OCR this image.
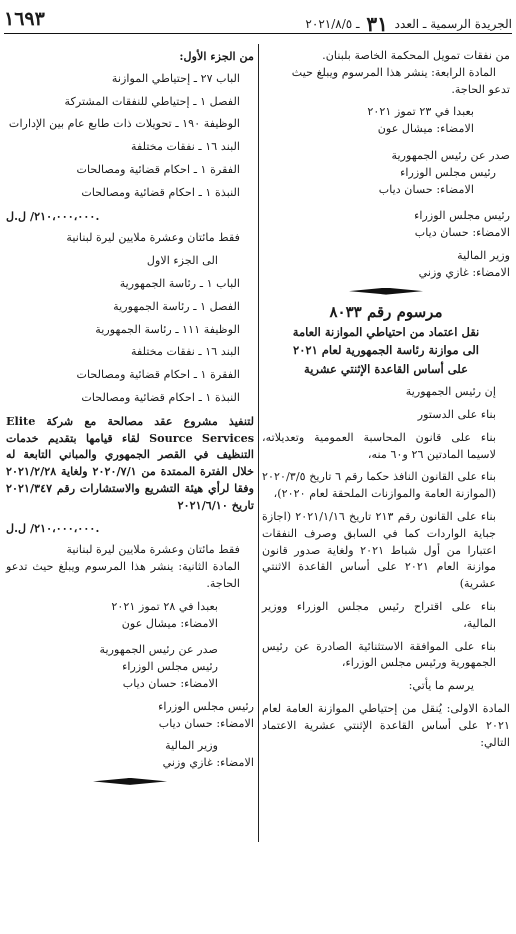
الجريدة الرسمية ـ العدد ٣١ ـ ٢٠٢١/٨/٥
١٦٩٣
من نفقات تمويل المحكمة الخاصة بلبنان.
المادة الرابعة: ينشر هذا المرسوم ويبلغ حيث
تدعو الحاجة.
بعبدا في ٢٣ تموز ٢٠٢١
الامضاء: ميشال عون
صدر عن رئيس الجمهورية
رئيس مجلس الوزراء
الامضاء: حسان دياب
رئيس مجلس الوزراء
الامضاء: حسان دياب
وزير المالية
الامضاء: غازي وزني
مرسوم رقم ٨٠٣٣
نقل اعتماد من احتياطي الموازنة العامة
الى موازنة رئاسة الجمهورية لعام ٢٠٢١
على أساس القاعدة الإثنتي عشرية
إن رئيس الجمهورية
بناء على الدستور
بناء على قانون المحاسبة العمومية وتعديلاته، لاسيما المادتين ٢٦ و٦٠ منه،
بناء على القانون النافذ حكما رقم ٦ تاريخ ٢٠٢٠/٣/٥ (الموازنة العامة والموازنات الملحقة لعام ٢٠٢٠)،
بناء على القانون رقم ٢١٣ تاريخ ٢٠٢١/١/١٦ (اجازة جباية الواردات كما في السابق وصرف النفقات اعتبارا من أول شباط ٢٠٢١ ولغاية صدور قانون موازنة العام ٢٠٢١ على أساس القاعدة الاثنتي عشرية)
بناء على اقتراح رئيس مجلس الوزراء ووزير المالية،
بناء على الموافقة الاستثنائية الصادرة عن رئيس الجمهورية ورئيس مجلس الوزراء،
يرسم ما يأتي:
المادة الاولى: يُنقل من إحتياطي الموازنة العامة لعام ٢٠٢١ على أساس القاعدة الإثنتي عشرية الاعتماد التالي:
من الجزء الأول:
الباب ٢٧ ـ إحتياطي الموازنة
الفصل ١ ـ إحتياطي للنفقات المشتركة
الوظيفة ١٩٠ ـ تحويلات ذات طابع عام بين الإدارات
البند ١٦ ـ نفقات مختلفة
الفقرة ١ ـ احكام قضائية ومصالحات
النبذة ١ ـ احكام قضائية ومصالحات
٢١٠،٠٠٠،٠٠٠/ ل.ل.
فقط مائتان وعشرة ملايين ليرة لبنانية
الى الجزء الاول
الباب ١ ـ رئاسة الجمهورية
الفصل ١ ـ رئاسة الجمهورية
الوظيفة ١١١ ـ رئاسة الجمهورية
البند ١٦ ـ نفقات مختلفة
الفقرة ١ ـ احكام قضائية ومصالحات
النبذة ١ ـ احكام قضائية ومصالحات
لتنفيذ مشروع عقد مصالحة مع شركة Elite Source Services لقاء قيامها بتقديم خدمات التنظيف في القصر الجمهوري والمباني التابعة له خلال الفترة الممتدة من ٢٠٢٠/٧/١ ولغاية ٢٠٢١/٢/٢٨ وفقا لرأي هيئة التشريع والاستشارات رقم ٢٠٢١/٣٤٧ تاريخ ٢٠٢١/٦/١٠
٢١٠،٠٠٠،٠٠٠/ ل.ل.
فقط مائتان وعشرة ملايين ليرة لبنانية
المادة الثانية: ينشر هذا المرسوم ويبلغ حيث تدعو الحاجة.
بعبدا في ٢٨ تموز ٢٠٢١
الامضاء: ميشال عون
صدر عن رئيس الجمهورية
رئيس مجلس الوزراء
الامضاء: حسان دياب
رئيس مجلس الوزراء
الامضاء: حسان دياب
وزير المالية
الامضاء: غازي وزني
